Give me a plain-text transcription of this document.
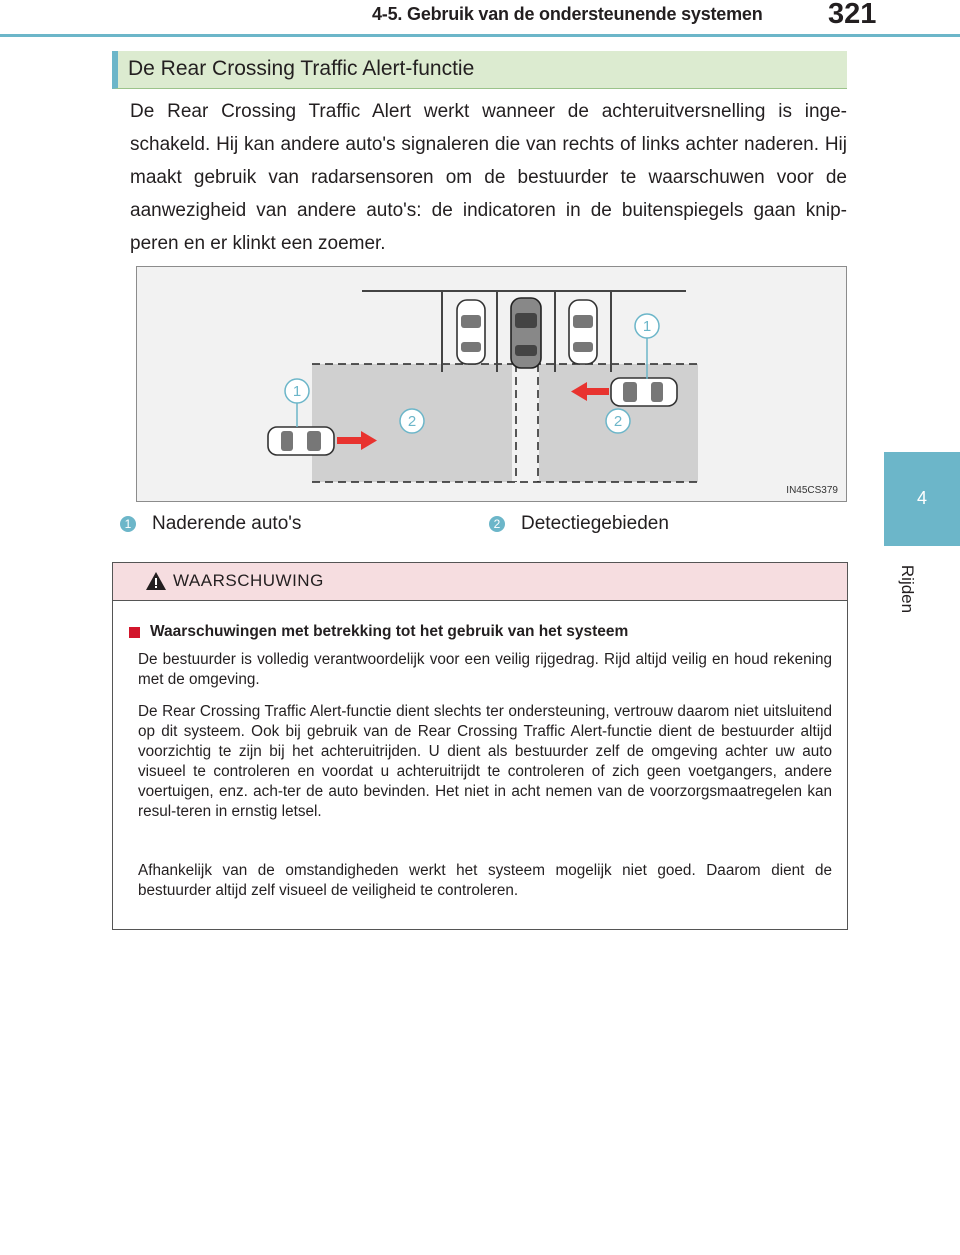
4-5. Gebruik van de ondersteunende systemen 321
4
Rijden
De Rear Crossing Traffic Alert-functie

De Rear Crossing Traffic Alert werkt wanneer de achteruitversnelling is inge-schakeld. Hij kan andere auto's signaleren die van rechts of links achter naderen. Hij maakt gebruik van radarsensoren om de bestuurder te waarschuwen voor de aanwezigheid van andere auto's: de indicatoren in de buitenspiegels gaan knip-peren en er klinkt een zoemer.

1
1
2	2
IN45CS379
1 Naderende auto's	2 Detectiegebieden
WAARSCHUWING
Waarschuwingen met betrekking tot het gebruik van het systeem

De bestuurder is volledig verantwoordelijk voor een veilig rijgedrag. Rijd altijd veilig en houd rekening met de omgeving.

De Rear Crossing Traffic Alert-functie dient slechts ter ondersteuning, vertrouw daarom niet uitsluitend op dit systeem. Ook bij gebruik van de Rear Crossing Traffic Alert-functie dient de bestuurder altijd voorzichtig te zijn bij het achteruitrijden. U dient als bestuurder zelf de omgeving achter uw auto visueel te controleren en voordat u achteruitrijdt te controleren of zich geen voetgangers, andere voertuigen, enz. ach-ter de auto bevinden. Het niet in acht nemen van de voorzorgsmaatregelen kan resul-teren in ernstig letsel.

Afhankelijk van de omstandigheden werkt het systeem mogelijk niet goed. Daarom dient de bestuurder altijd zelf visueel de veiligheid te controleren.
